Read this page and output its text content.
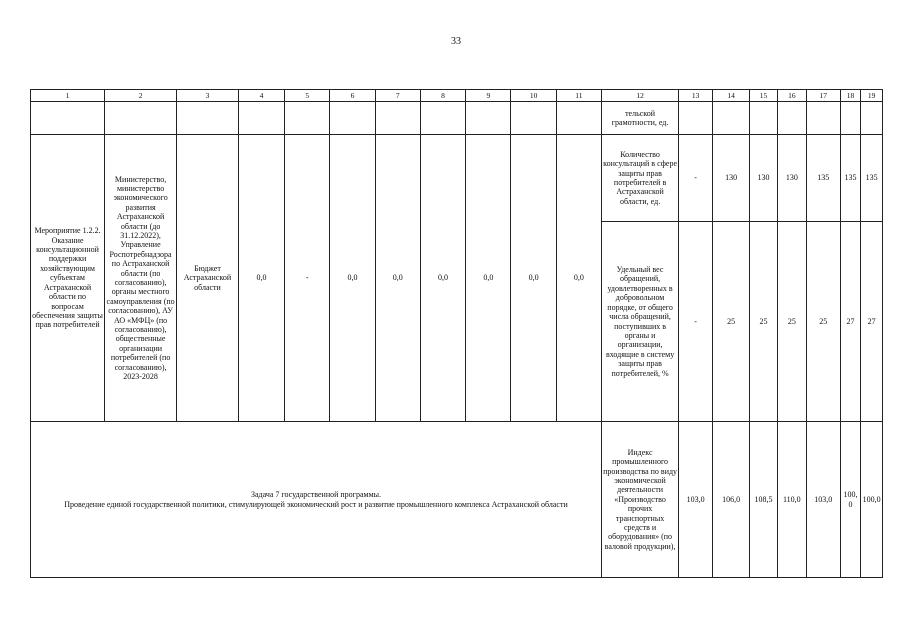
33
1	2	3	4	5	6	7	8	9	10	11	12	13	14	15	16	17	18	19
											тельской грамотности, ед.							
Мероприятие 1.2.2. Оказание консультационной поддержки хозяйствующим субъектам Астраханской области по вопросам обеспечения защиты прав потребителей	Министерство, министерство экономического развития Астраханской области (до 31.12.2022), Управление Роспотребнадзора по Астраханской области (по согласованию), органы местного самоуправления (по согласованию), АУ АО «МФЦ» (по согласованию), общественные организации потребителей (по согласованию), 2023-2028	Бюджет Астраханской области	0,0	-	0,0	0,0	0,0	0,0	0,0	0,0	Количество консультаций в сфере защиты прав потребителей в Астраханской области, ед.	-	130	130	130	135	135	135
											Удельный вес обращений, удовлетворенных в добровольном порядке, от общего числа обращений, поступивших в органы и организации, входящие в систему защиты прав потребителей, %	-	25	25	25	25	27	27

Задача 7 государственной программы.
Проведение единой государственной политики, стимулирующей экономический рост и развитие промышленного комплекса Астраханской области											Индекс промышленного производства по виду экономической деятельности «Производство прочих транспортных средств и оборудования» (по валовой продукции),	103,0	106,0	108,5	110,0	103,0	100,0	100,0
